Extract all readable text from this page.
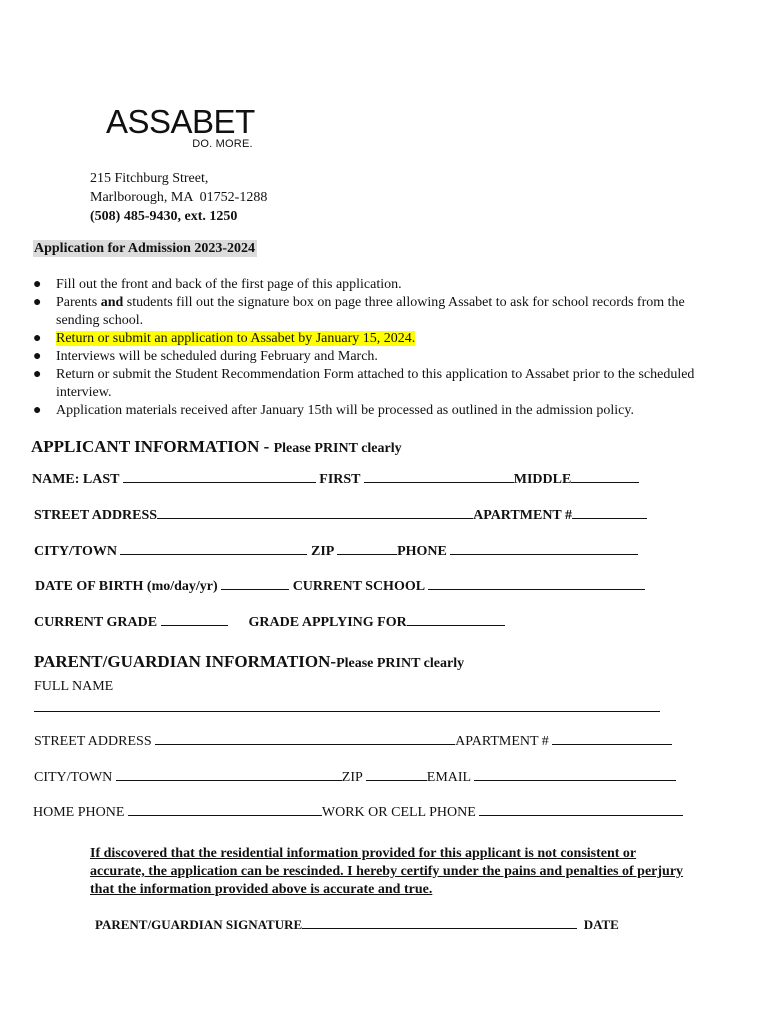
ASSABET
DO. MORE.
215 Fitchburg Street,
Marlborough, MA  01752-1288
(508) 485-9430, ext. 1250
Application for Admission 2023-2024
● Fill out the front and back of the first page of this application.
● Parents and students fill out the signature box on page three allowing Assabet to ask for school records from the sending school.
● Return or submit an application to Assabet by January 15, 2024.
● Interviews will be scheduled during February and March.
● Return or submit the Student Recommendation Form attached to this application to Assabet prior to the scheduled interview.
● Application materials received after January 15th will be processed as outlined in the admission policy.
APPLICANT INFORMATION - Please PRINT clearly
NAME: LAST	FIRST	MIDDLE
STREET ADDRESS	APARTMENT #
CITY/TOWN	ZIP	PHONE
DATE OF BIRTH (mo/day/yr)	CURRENT SCHOOL
CURRENT GRADE	GRADE APPLYING FOR
PARENT/GUARDIAN INFORMATION-Please PRINT clearly
FULL NAME
STREET ADDRESS	APARTMENT #
CITY/TOWN	ZIP	EMAIL
HOME PHONE	WORK OR CELL PHONE
If discovered that the residential information provided for this applicant is not consistent or accurate, the application can be rescinded. I hereby certify under the pains and penalties of perjury that the information provided above is accurate and true.
PARENT/GUARDIAN SIGNATURE	DATE
